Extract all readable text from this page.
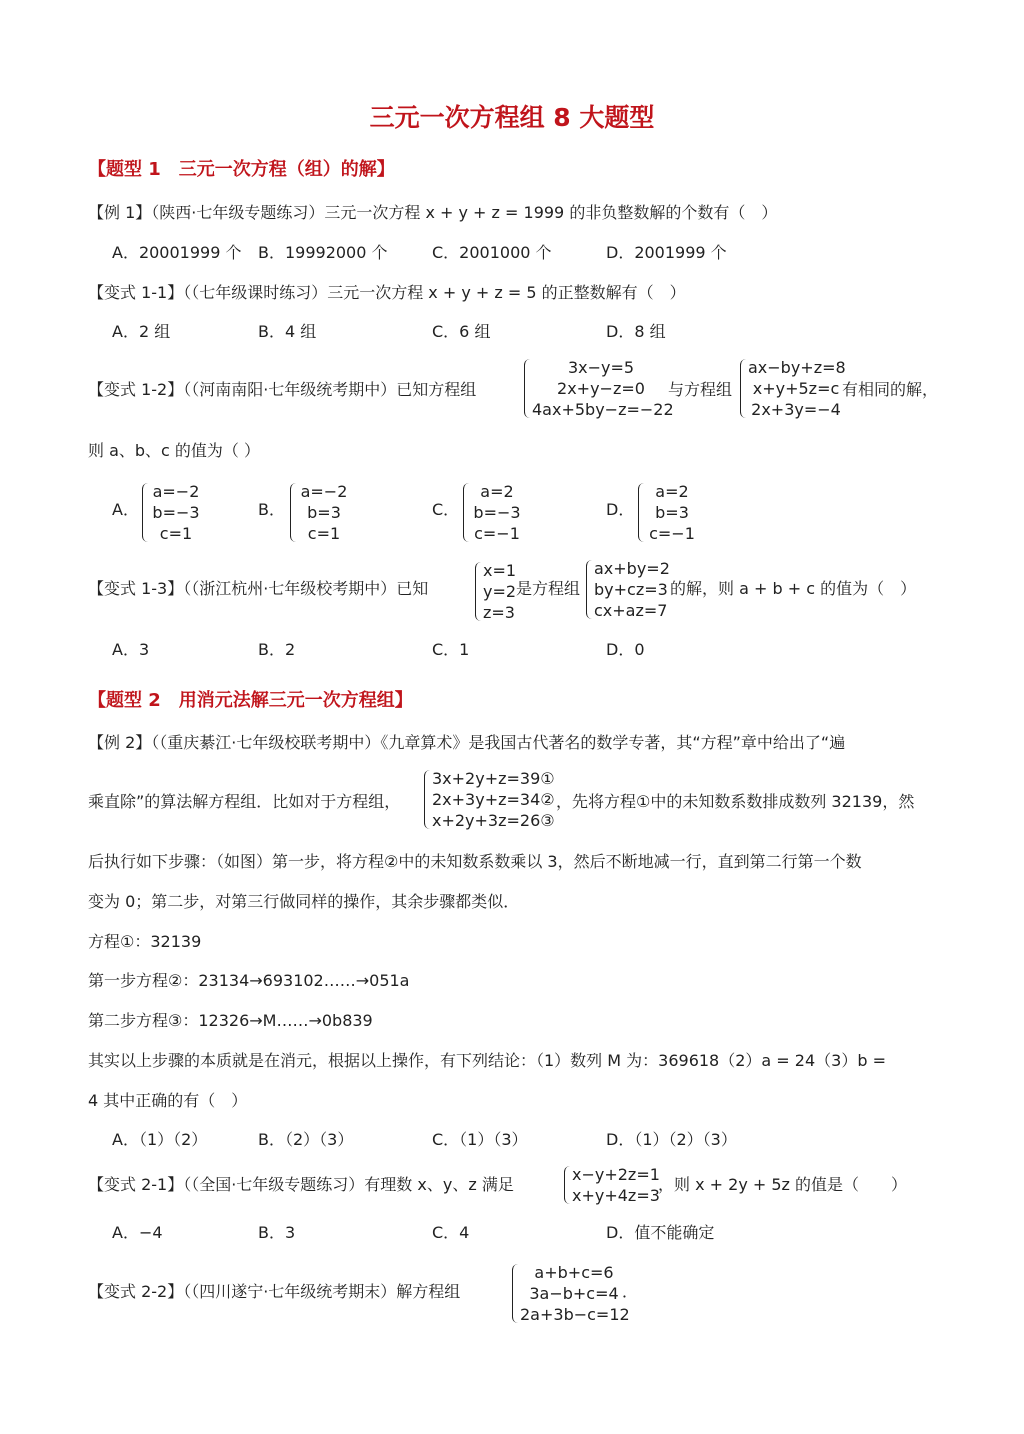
三元一次方程组 8 大题型
【题型 1　三元一次方程（组）的解】
【例 1】（陕西·七年级专题练习）三元一次方程 x + y + z = 1999 的非负整数解的个数有（　）
A．20001999 个 B．19992000 个	C．2001000 个	D．2001999 个
【变式 1-1】（（七年级课时练习）三元一次方程 x + y + z = 5 的正整数解有（　）
A．2 组	B．4 组	C．6 组	D．8 组
【变式 1-2】（（河南南阳·七年级统考期中）已知方程组
3x−y=5
2x+y−z=0
4ax+5by−z=−22
与方程组
ax−by+z=8
x+y+5z=c
2x+3y=−4
有相同的解，
则 a、b、c 的值为（ ）
A．
a=−2
b=−3
c=1
B．
a=−2
b=3
c=1
C．
a=2
b=−3
c=−1
D．
a=2
b=3
c=−1
【变式 1-3】（（浙江杭州·七年级校考期中）已知
x=1
y=2
z=3
是方程组
ax+by=2
by+cz=3
cx+az=7
的解，则 a + b + c 的值为（　）
A．3	B．2	C．1	D．0
【题型 2　用消元法解三元一次方程组】
【例 2】（（重庆綦江·七年级校联考期中）《九章算术》是我国古代著名的数学专著，其“方程”章中给出了“遍
乘直除”的算法解方程组．比如对于方程组，
3x+2y+z=39①
2x+3y+z=34②
x+2y+3z=26③
，先将方程①中的未知数系数排成数列 32139，然
后执行如下步骤：（如图）第一步，将方程②中的未知数系数乘以 3，然后不断地减一行，直到第二行第一个数
变为 0；第二步，对第三行做同样的操作，其余步骤都类似．
方程①：32139
第一步方程②：23134→693102……→051a
第二步方程③：12326→M……→0b839
其实以上步骤的本质就是在消元，根据以上操作，有下列结论：（1）数列 M 为：369618（2）a = 24（3）b =
4 其中正确的有（　）
A．（1）（2）	B．（2）（3）	C．（1）（3）	D．（1）（2）（3）
【变式 2-1】（（全国·七年级专题练习）有理数 x、y、z 满足
x−y+2z=1
x+y+4z=3
，则 x + 2y + 5z 的值是（　　）
A．−4	B．3	C．4	D．值不能确定
【变式 2-2】（（四川遂宁·七年级统考期末）解方程组
a+b+c=6
3a−b+c=4
2a+3b−c=12
．
